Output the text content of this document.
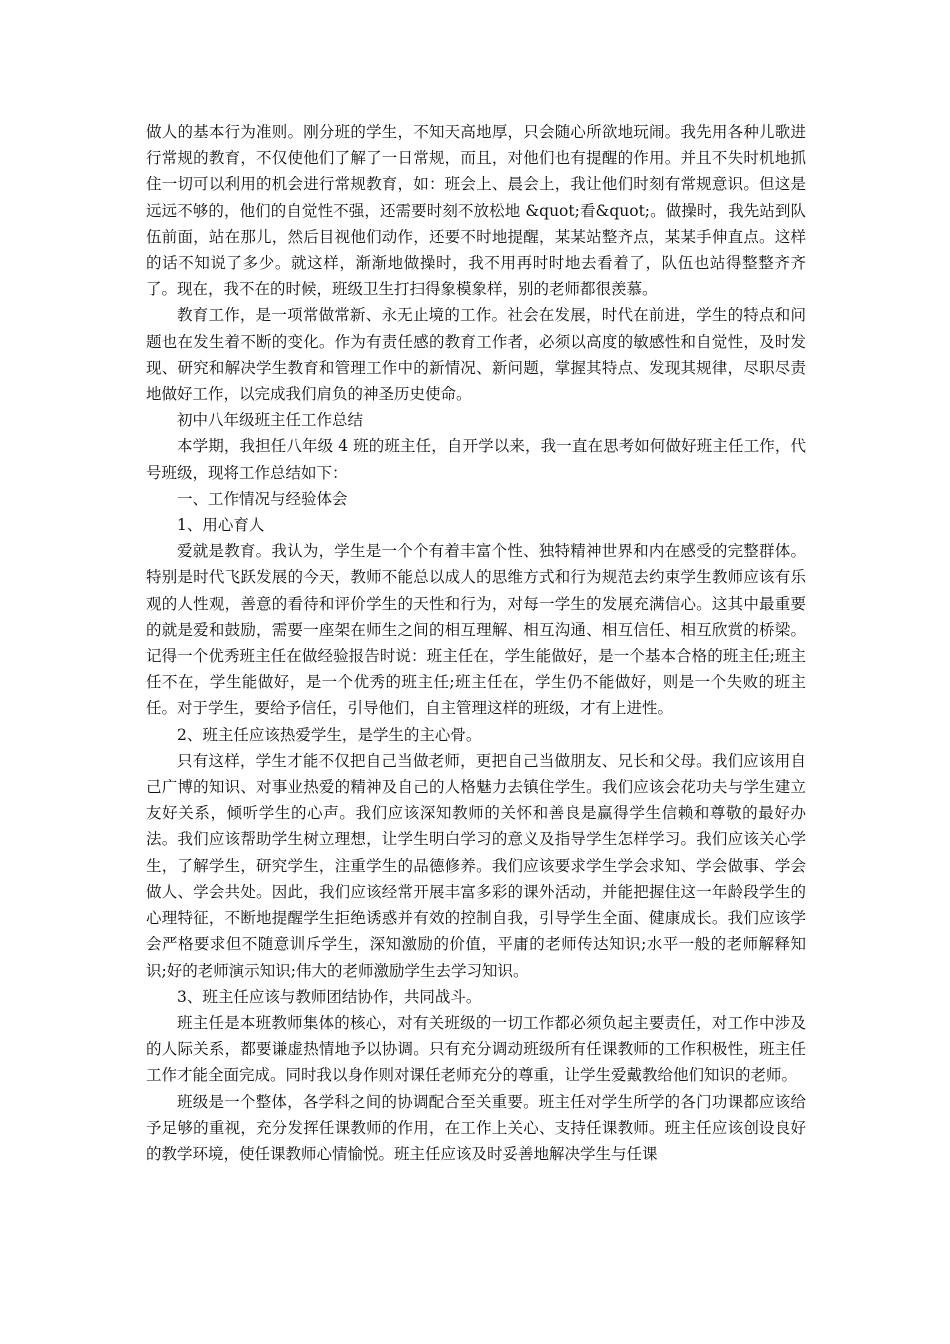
做人的基本行为准则。刚分班的学生，不知天高地厚，只会随心所欲地玩闹。我先用各种儿歌进行常规的教育，不仅使他们了解了一日常规，而且，对他们也有提醒的作用。并且不失时机地抓住一切可以利用的机会进行常规教育，如：班会上、晨会上，我让他们时刻有常规意识。但这是远远不够的，他们的自觉性不强，还需要时刻不放松地 &quot;看&quot;。做操时，我先站到队伍前面，站在那儿，然后目视他们动作，还要不时地提醒，某某站整齐点，某某手伸直点。这样的话不知说了多少。就这样，渐渐地做操时，我不用再时时地去看着了，队伍也站得整整齐齐了。现在，我不在的时候，班级卫生打扫得象模象样，别的老师都很羡慕。

教育工作，是一项常做常新、永无止境的工作。社会在发展，时代在前进，学生的特点和问题也在发生着不断的变化。作为有责任感的教育工作者，必须以高度的敏感性和自觉性，及时发现、研究和解决学生教育和管理工作中的新情况、新问题，掌握其特点、发现其规律，尽职尽责地做好工作，以完成我们肩负的神圣历史使命。

初中八年级班主任工作总结

本学期，我担任八年级 4 班的班主任，自开学以来，我一直在思考如何做好班主任工作，代号班级，现将工作总结如下：

一、工作情况与经验体会

1、用心育人

爱就是教育。我认为，学生是一个个有着丰富个性、独特精神世界和内在感受的完整群体。特别是时代飞跃发展的今天，教师不能总以成人的思维方式和行为规范去约束学生教师应该有乐观的人性观，善意的看待和评价学生的天性和行为，对每一学生的发展充满信心。这其中最重要的就是爱和鼓励，需要一座架在师生之间的相互理解、相互沟通、相互信任、相互欣赏的桥梁。记得一个优秀班主任在做经验报告时说：班主任在，学生能做好，是一个基本合格的班主任;班主任不在，学生能做好，是一个优秀的班主任;班主任在，学生仍不能做好，则是一个失败的班主任。对于学生，要给予信任，引导他们，自主管理这样的班级，才有上进性。

2、班主任应该热爱学生，是学生的主心骨。

只有这样，学生才能不仅把自己当做老师，更把自己当做朋友、兄长和父母。我们应该用自己广博的知识、对事业热爱的精神及自己的人格魅力去镇住学生。我们应该会花功夫与学生建立友好关系，倾听学生的心声。我们应该深知教师的关怀和善良是赢得学生信赖和尊敬的最好办法。我们应该帮助学生树立理想，让学生明白学习的意义及指导学生怎样学习。我们应该关心学生，了解学生，研究学生，注重学生的品德修养。我们应该要求学生学会求知、学会做事、学会做人、学会共处。因此，我们应该经常开展丰富多彩的课外活动，并能把握住这一年龄段学生的心理特征，不断地提醒学生拒绝诱惑并有效的控制自我，引导学生全面、健康成长。我们应该学会严格要求但不随意训斥学生，深知激励的价值，平庸的老师传达知识;水平一般的老师解释知识;好的老师演示知识;伟大的老师激励学生去学习知识。

3、班主任应该与教师团结协作，共同战斗。

班主任是本班教师集体的核心，对有关班级的一切工作都必须负起主要责任，对工作中涉及的人际关系，都要谦虚热情地予以协调。只有充分调动班级所有任课教师的工作积极性，班主任工作才能全面完成。同时我以身作则对课任老师充分的尊重，让学生爱戴教给他们知识的老师。

班级是一个整体，各学科之间的协调配合至关重要。班主任对学生所学的各门功课都应该给予足够的重视，充分发挥任课教师的作用，在工作上关心、支持任课教师。班主任应该创设良好的教学环境，使任课教师心情愉悦。班主任应该及时妥善地解决学生与任课
